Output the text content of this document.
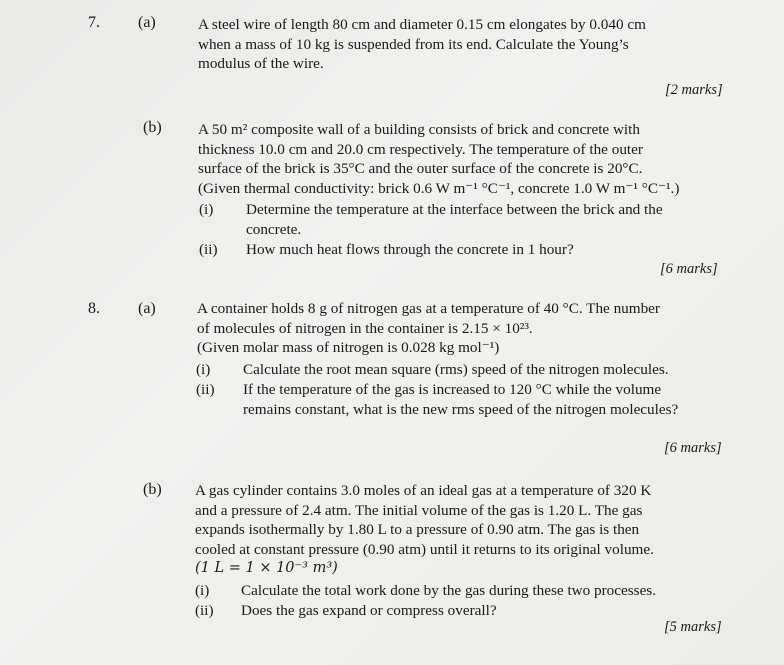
7. (a)	A steel wire of length 80 cm and diameter 0.15 cm elongates by 0.040 cm
when a mass of 10 kg is suspended from its end. Calculate the Young’s
modulus of the wire.
[2 marks]
(b) A 50 m² composite wall of a building consists of brick and concrete with
thickness 10.0 cm and 20.0 cm respectively. The temperature of the outer
surface of the brick is 35°C and the outer surface of the concrete is 20°C.
(Given thermal conductivity: brick 0.6 W m⁻¹ °C⁻¹, concrete 1.0 W m⁻¹ °C⁻¹.)
(i) Determine the temperature at the interface between the brick and the
concrete.
(ii) How much heat flows through the concrete in 1 hour?
[6 marks]
8. (a)	A container holds 8 g of nitrogen gas at a temperature of 40 °C. The number
of molecules of nitrogen in the container is 2.15 × 10²³.
(Given molar mass of nitrogen is 0.028 kg mol⁻¹)
(i) Calculate the root mean square (rms) speed of the nitrogen molecules.
(ii) If the temperature of the gas is increased to 120 °C while the volume
remains constant, what is the new rms speed of the nitrogen molecules?
[6 marks]
(b) A gas cylinder contains 3.0 moles of an ideal gas at a temperature of 320 K
and a pressure of 2.4 atm. The initial volume of the gas is 1.20 L. The gas
expands isothermally by 1.80 L to a pressure of 0.90 atm. The gas is then
cooled at constant pressure (0.90 atm) until it returns to its original volume.
(1 L = 1 × 10⁻³ m³)
(i) Calculate the total work done by the gas during these two processes.
(ii) Does the gas expand or compress overall?
[5 marks]
